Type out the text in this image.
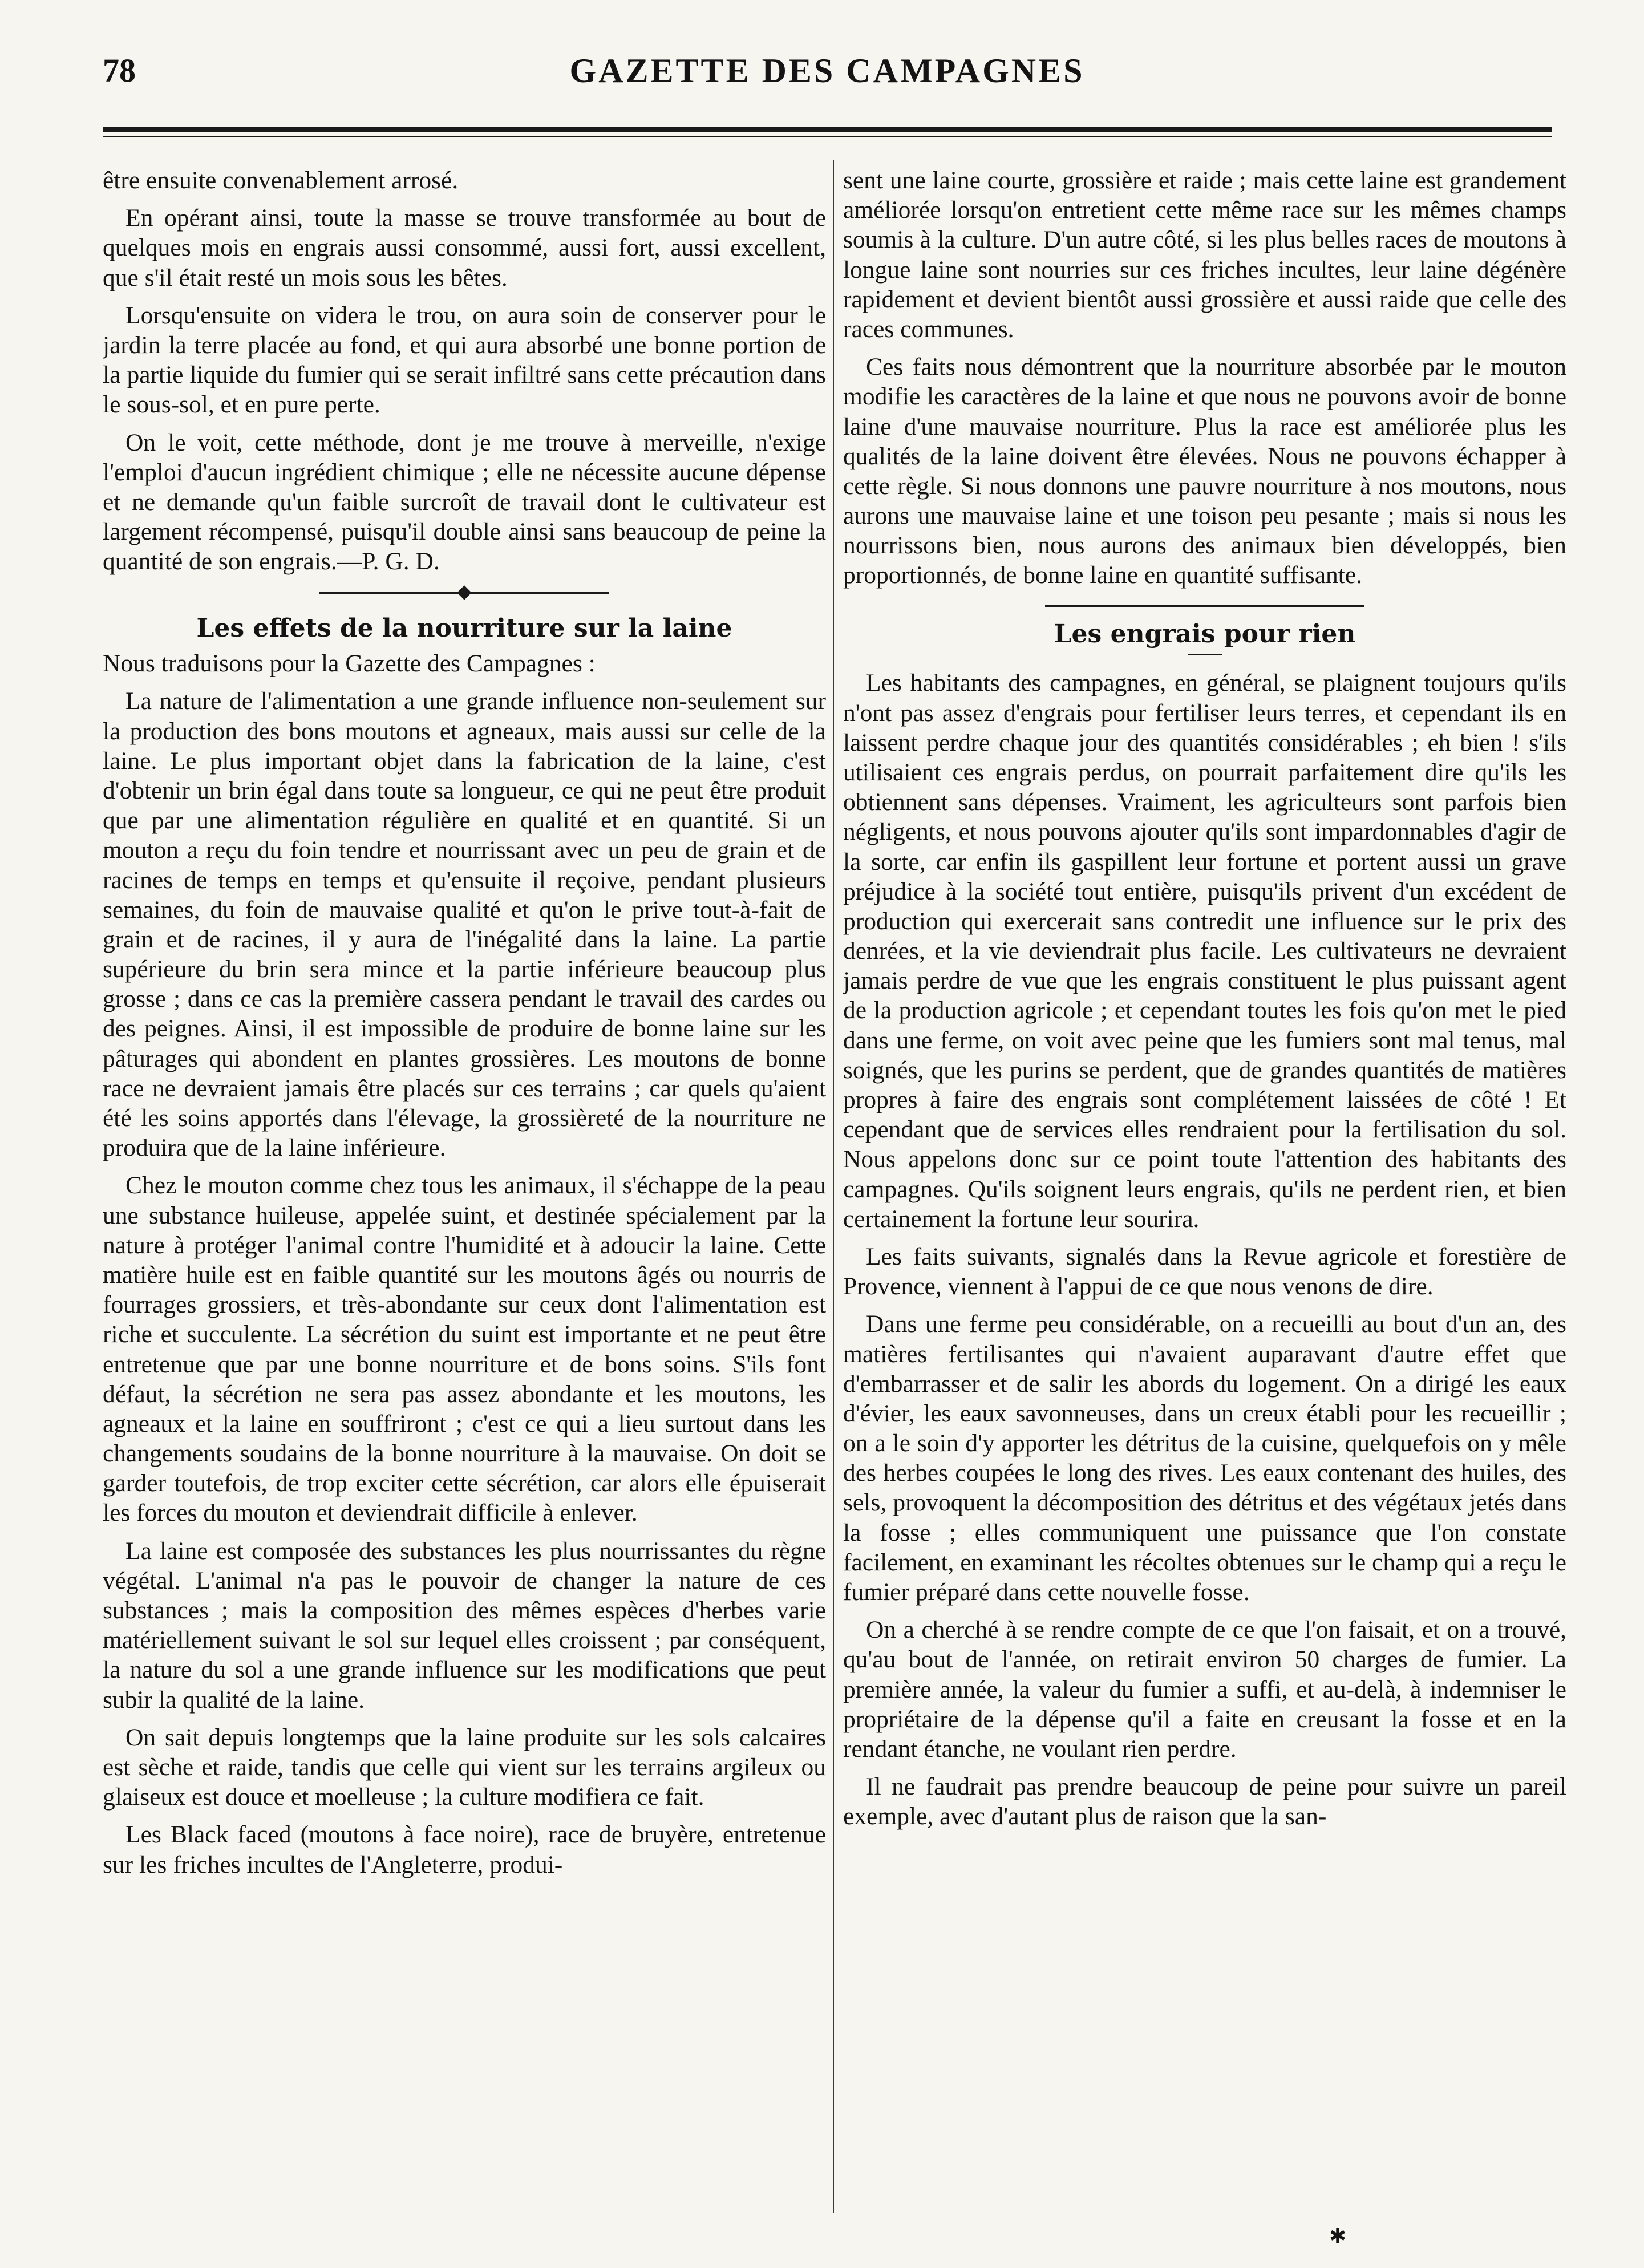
78	GAZETTE DES CAMPAGNES

être ensuite convenablement arrosé.

En opérant ainsi, toute la masse se trouve transformée au bout de quelques mois en engrais aussi consommé, aussi fort, aussi excellent, que s'il était resté un mois sous les bêtes.

Lorsqu'ensuite on videra le trou, on aura soin de conserver pour le jardin la terre placée au fond, et qui aura absorbé une bonne portion de la partie liquide du fumier qui se serait infiltré sans cette précaution dans le sous-sol, et en pure perte.

On le voit, cette méthode, dont je me trouve à merveille, n'exige l'emploi d'aucun ingrédient chimique ; elle ne nécessite aucune dépense et ne demande qu'un faible surcroît de travail dont le cultivateur est largement récompensé, puisqu'il double ainsi sans beaucoup de peine la quantité de son engrais.—P. G. D.

Les effets de la nourriture sur la laine

Nous traduisons pour la Gazette des Campagnes :

La nature de l'alimentation a une grande influence non-seulement sur la production des bons moutons et agneaux, mais aussi sur celle de la laine. Le plus important objet dans la fabrication de la laine, c'est d'obtenir un brin égal dans toute sa longueur, ce qui ne peut être produit que par une alimentation régulière en qualité et en quantité. Si un mouton a reçu du foin tendre et nourrissant avec un peu de grain et de racines de temps en temps et qu'ensuite il reçoive, pendant plusieurs semaines, du foin de mauvaise qualité et qu'on le prive tout-à-fait de grain et de racines, il y aura de l'inégalité dans la laine. La partie supérieure du brin sera mince et la partie inférieure beaucoup plus grosse ; dans ce cas la première cassera pendant le travail des cardes ou des peignes. Ainsi, il est impossible de produire de bonne laine sur les pâturages qui abondent en plantes grossières. Les moutons de bonne race ne devraient jamais être placés sur ces terrains ; car quels qu'aient été les soins apportés dans l'élevage, la grossièreté de la nourriture ne produira que de la laine inférieure.

Chez le mouton comme chez tous les animaux, il s'échappe de la peau une substance huileuse, appelée suint, et destinée spécialement par la nature à protéger l'animal contre l'humidité et à adoucir la laine. Cette matière huile est en faible quantité sur les moutons âgés ou nourris de fourrages grossiers, et très-abondante sur ceux dont l'alimentation est riche et succulente. La sécrétion du suint est importante et ne peut être entretenue que par une bonne nourriture et de bons soins. S'ils font défaut, la sécrétion ne sera pas assez abondante et les moutons, les agneaux et la laine en souffriront ; c'est ce qui a lieu surtout dans les changements soudains de la bonne nourriture à la mauvaise. On doit se garder toutefois, de trop exciter cette sécrétion, car alors elle épuiserait les forces du mouton et deviendrait difficile à enlever.

La laine est composée des substances les plus nourrissantes du règne végétal. L'animal n'a pas le pouvoir de changer la nature de ces substances ; mais la composition des mêmes espèces d'herbes varie matériellement suivant le sol sur lequel elles croissent ; par conséquent, la nature du sol a une grande influence sur les modifications que peut subir la qualité de la laine.

On sait depuis longtemps que la laine produite sur les sols calcaires est sèche et raide, tandis que celle qui vient sur les terrains argileux ou glaiseux est douce et moelleuse ; la culture modifiera ce fait.

Les Black faced (moutons à face noire), race de bruyère, entretenue sur les friches incultes de l'Angleterre, produi-

sent une laine courte, grossière et raide ; mais cette laine est grandement améliorée lorsqu'on entretient cette même race sur les mêmes champs soumis à la culture. D'un autre côté, si les plus belles races de moutons à longue laine sont nourries sur ces friches incultes, leur laine dégénère rapidement et devient bientôt aussi grossière et aussi raide que celle des races communes.

Ces faits nous démontrent que la nourriture absorbée par le mouton modifie les caractères de la laine et que nous ne pouvons avoir de bonne laine d'une mauvaise nourriture. Plus la race est améliorée plus les qualités de la laine doivent être élevées. Nous ne pouvons échapper à cette règle. Si nous donnons une pauvre nourriture à nos moutons, nous aurons une mauvaise laine et une toison peu pesante ; mais si nous les nourrissons bien, nous aurons des animaux bien développés, bien proportionnés, de bonne laine en quantité suffisante.

Les engrais pour rien

Les habitants des campagnes, en général, se plaignent toujours qu'ils n'ont pas assez d'engrais pour fertiliser leurs terres, et cependant ils en laissent perdre chaque jour des quantités considérables ; eh bien ! s'ils utilisaient ces engrais perdus, on pourrait parfaitement dire qu'ils les obtiennent sans dépenses. Vraiment, les agriculteurs sont parfois bien négligents, et nous pouvons ajouter qu'ils sont impardonnables d'agir de la sorte, car enfin ils gaspillent leur fortune et portent aussi un grave préjudice à la société tout entière, puisqu'ils privent d'un excédent de production qui exercerait sans contredit une influence sur le prix des denrées, et la vie deviendrait plus facile. Les cultivateurs ne devraient jamais perdre de vue que les engrais constituent le plus puissant agent de la production agricole ; et cependant toutes les fois qu'on met le pied dans une ferme, on voit avec peine que les fumiers sont mal tenus, mal soignés, que les purins se perdent, que de grandes quantités de matières propres à faire des engrais sont complétement laissées de côté ! Et cependant que de services elles rendraient pour la fertilisation du sol. Nous appelons donc sur ce point toute l'attention des habitants des campagnes. Qu'ils soignent leurs engrais, qu'ils ne perdent rien, et bien certainement la fortune leur sourira.

Les faits suivants, signalés dans la Revue agricole et forestière de Provence, viennent à l'appui de ce que nous venons de dire.

Dans une ferme peu considérable, on a recueilli au bout d'un an, des matières fertilisantes qui n'avaient auparavant d'autre effet que d'embarrasser et de salir les abords du logement. On a dirigé les eaux d'évier, les eaux savonneuses, dans un creux établi pour les recueillir ; on a le soin d'y apporter les détritus de la cuisine, quelquefois on y mêle des herbes coupées le long des rives. Les eaux contenant des huiles, des sels, provoquent la décomposition des détritus et des végétaux jetés dans la fosse ; elles communiquent une puissance que l'on constate facilement, en examinant les récoltes obtenues sur le champ qui a reçu le fumier préparé dans cette nouvelle fosse.

On a cherché à se rendre compte de ce que l'on faisait, et on a trouvé, qu'au bout de l'année, on retirait environ 50 charges de fumier. La première année, la valeur du fumier a suffi, et au-delà, à indemniser le propriétaire de la dépense qu'il a faite en creusant la fosse et en la rendant étanche, ne voulant rien perdre.

Il ne faudrait pas prendre beaucoup de peine pour suivre un pareil exemple, avec d'autant plus de raison que la san-

✱
